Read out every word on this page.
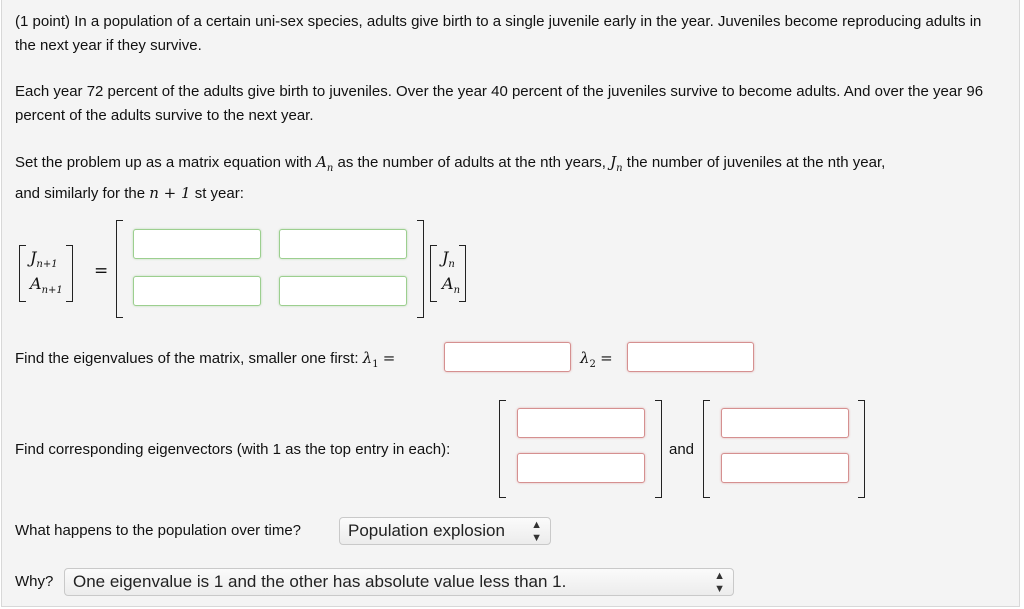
(1 point) In a population of a certain uni-sex species, adults give birth to a single juvenile early in the year. Juveniles become reproducing adults in the next year if they survive.
Each year 72 percent of the adults give birth to juveniles. Over the year 40 percent of the juveniles survive to become adults. And over the year 96 percent of the adults survive to the next year.
Set the problem up as a matrix equation with $A_n$ as the number of adults at the nth years, $J_n$ the number of juveniles at the nth year,
and similarly for the n + 1 st year:
$J_{n+1}$
$A_{n+1}$
=
$J_n$
$A_n$
Find the eigenvalues of the matrix, smaller one first: $\lambda_1$ =	$\lambda_2$ =
Find corresponding eigenvectors (with 1 as the top entry in each):	and
What happens to the population over time?	Population explosion ▲
▼
Why?	One eigenvalue is 1 and the other has absolute value less than 1.	▲
▼
